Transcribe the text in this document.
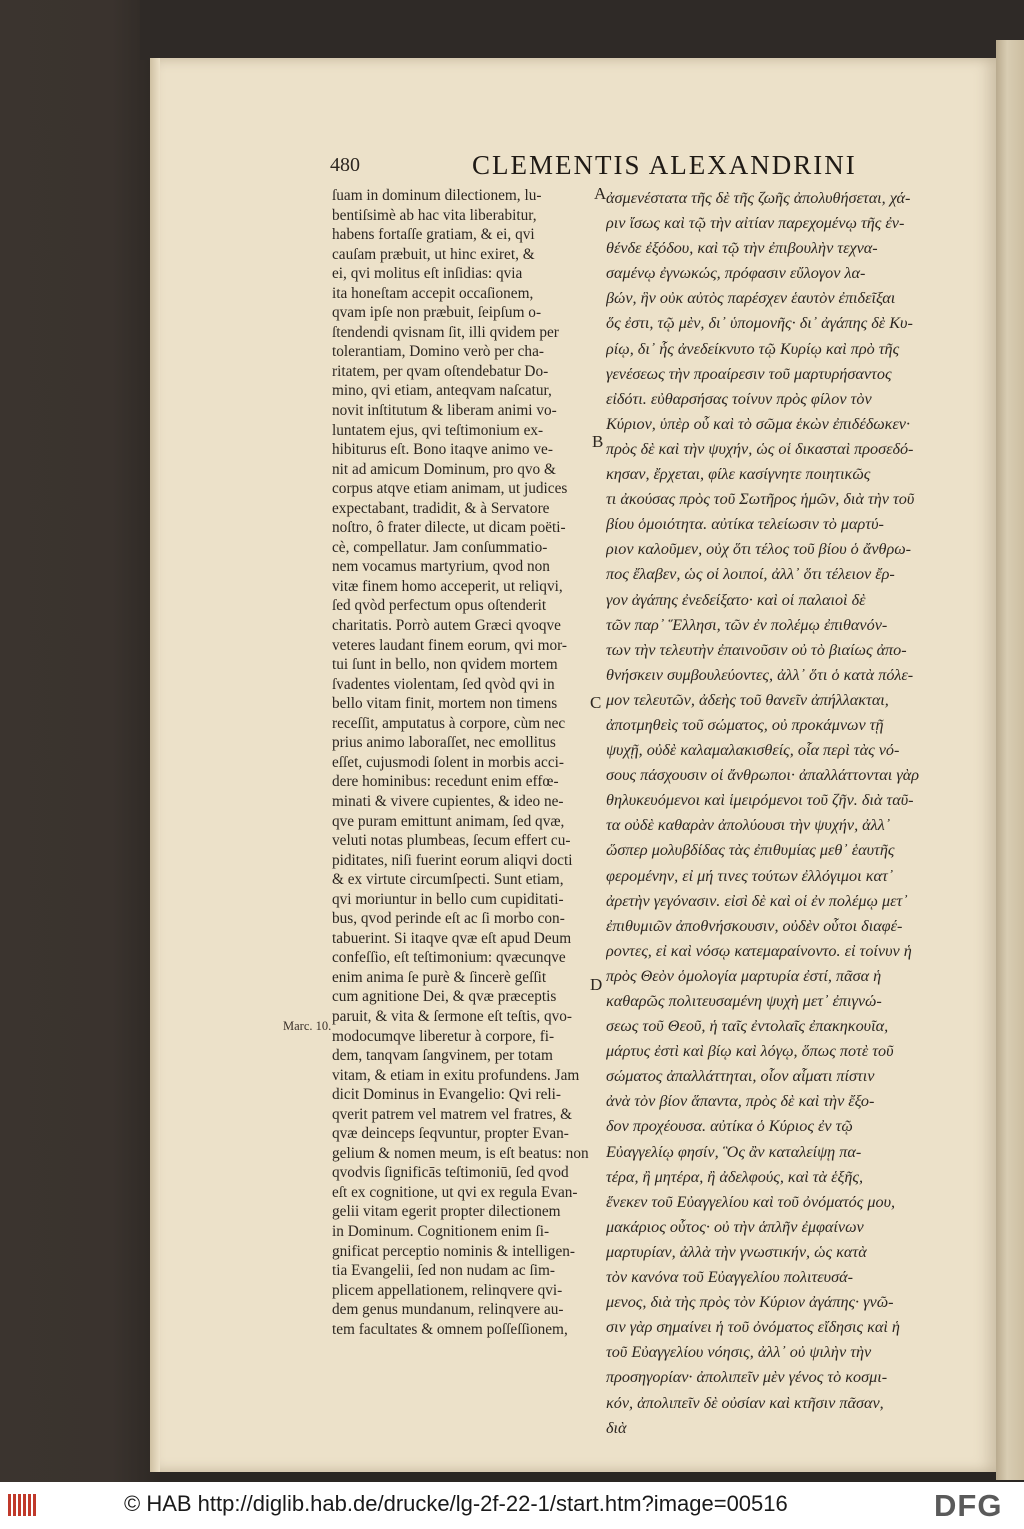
480	CLEMENTIS ALEXANDRINI
ſuam in dominum dilectionem, lu-
bentiſsimè ab hac vita liberabitur,
habens fortaſſe gratiam, & ei, qvi
cauſam præbuit, ut hinc exiret, &
ei, qvi molitus eſt inſidias: qvia
ita honeſtam accepit occaſionem,
qvam ipſe non præbuit, ſeipſum o-
ſtendendi qvisnam ſit, illi qvidem per
tolerantiam, Domino verò per cha-
ritatem, per qvam oſtendebatur Do-
mino, qvi etiam, anteqvam naſcatur,
novit inſtitutum & liberam animi vo-
luntatem ejus, qvi teſtimonium ex-
hibiturus eſt. Bono itaqve animo ve-
nit ad amicum Dominum, pro qvo &
corpus atqve etiam animam, ut judices
expectabant, tradidit, & à Servatore
noſtro, ô frater dilecte, ut dicam poëti-
cè, compellatur. Jam conſummatio-
nem vocamus martyrium, qvod non
vitæ finem homo acceperit, ut reliqvi,
ſed qvòd perfectum opus oſtenderit
charitatis. Porrò autem Græci qvoqve
veteres laudant finem eorum, qvi mor-
tui ſunt in bello, non qvidem mortem
ſvadentes violentam, ſed qvòd qvi in
bello vitam finit, mortem non timens
receſſit, amputatus à corpore, cùm nec
prius animo laboraſſet, nec emollitus
eſſet, cujusmodi ſolent in morbis acci-
dere hominibus: recedunt enim effœ-
minati & vivere cupientes, & ideo ne-
qve puram emittunt animam, ſed qvæ,
veluti notas plumbeas, ſecum effert cu-
piditates, niſi fuerint eorum aliqvi docti
& ex virtute circumſpecti. Sunt etiam,
qvi moriuntur in bello cum cupiditati-
bus, qvod perinde eſt ac ſi morbo con-
tabuerint. Si itaqve qvæ eſt apud Deum
confeſſio, eſt teſtimonium: qvæcunqve
enim anima ſe purè & ſincerè geſſit
cum agnitione Dei, & qvæ præceptis
paruit, & vita & ſermone eſt teſtis, qvo-
modocumqve liberetur à corpore, fi-
dem, tanqvam ſangvinem, per totam
vitam, & etiam in exitu profundens. Jam
dicit Dominus in Evangelio: Qvi reli-
qverit patrem vel matrem vel fratres, &
qvæ deinceps ſeqvuntur, propter Evan-
gelium & nomen meum, is eſt beatus: non
qvodvis ſignificās teſtimoniū, ſed qvod
eſt ex cognitione, ut qvi ex regula Evan-
gelii vitam egerit propter dilectionem
in Dominum. Cognitionem enim ſi-
gnificat perceptio nominis & intelligen-
tia Evangelii, ſed non nudam ac ſim-
plicem appellationem, relinqvere qvi-
dem genus mundanum, relinqvere au-
tem facultates & omnem poſſeſſionem,
ἀσμενέστατα τῆς δὲ τῆς ζωῆς ἀπολυθήσεται, χά-
ριν ἴσως καὶ τῷ τὴν αἰτίαν παρεχομένῳ τῆς ἐν-
θένδε ἐξόδου, καὶ τῷ τὴν ἐπιβουλὴν τεχνα-
σαμένῳ ἐγνωκώς, πρόφασιν εὔλογον λα-
βών, ἣν οὐκ αὐτὸς παρέσχεν ἑαυτὸν ἐπιδεῖξαι
ὅς ἐστι, τῷ μὲν, δι᾽ ὑπομονῆς· δι᾽ ἀγάπης δὲ Κυ-
ρίῳ, δι᾽ ἧς ἀνεδείκνυτο τῷ Κυρίῳ καὶ πρὸ τῆς
γενέσεως τὴν προαίρεσιν τοῦ μαρτυρήσαντος
εἰδότι. εὐθαρσήσας τοίνυν πρὸς φίλον τὸν
Κύριον, ὑπὲρ οὗ καὶ τὸ σῶμα ἑκὼν ἐπιδέδωκεν·
πρὸς δὲ καὶ τὴν ψυχήν, ὡς οἱ δικασταὶ προσεδό-
κησαν, ἔρχεται, φίλε κασίγνητε ποιητικῶς
τι ἀκούσας πρὸς τοῦ Σωτῆρος ἡμῶν, διὰ τὴν τοῦ
βίου ὁμοιότητα. αὐτίκα τελείωσιν τὸ μαρτύ-
ριον καλοῦμεν, οὐχ ὅτι τέλος τοῦ βίου ὁ ἄνθρω-
πος ἔλαβεν, ὡς οἱ λοιποί, ἀλλ᾽ ὅτι τέλειον ἔρ-
γον ἀγάπης ἐνεδείξατο· καὶ οἱ παλαιοὶ δὲ
τῶν παρ᾽ Ἕλλησι, τῶν ἐν πολέμῳ ἐπιθανόν-
των τὴν τελευτὴν ἐπαινοῦσιν οὐ τὸ βιαίως ἀπο-
θνήσκειν συμβουλεύοντες, ἀλλ᾽ ὅτι ὁ κατὰ πόλε-
μον τελευτῶν, ἀδεὴς τοῦ θανεῖν ἀπήλλακται,
ἀποτμηθεὶς τοῦ σώματος, οὐ προκάμνων τῇ
ψυχῇ, οὐδὲ καλαμαλακισθείς, οἷα περὶ τὰς νό-
σους πάσχουσιν οἱ ἄνθρωποι· ἀπαλλάττονται γὰρ
θηλυκευόμενοι καὶ ἱμειρόμενοι τοῦ ζῆν. διὰ ταῦ-
τα οὐδὲ καθαρὰν ἀπολύουσι τὴν ψυχήν, ἀλλ᾽
ὥσπερ μολυβδίδας τὰς ἐπιθυμίας μεθ᾽ ἑαυτῆς
φερομένην, εἰ μή τινες τούτων ἐλλόγιμοι κατ᾽
ἀρετὴν γεγόνασιν. εἰσὶ δὲ καὶ οἱ ἐν πολέμῳ μετ᾽
ἐπιθυμιῶν ἀποθνήσκουσιν, οὐδὲν οὗτοι διαφέ-
ροντες, εἰ καὶ νόσῳ κατεμαραίνοντο. εἰ τοίνυν ἡ
πρὸς Θεὸν ὁμολογία μαρτυρία ἐστί, πᾶσα ἡ
καθαρῶς πολιτευσαμένη ψυχὴ μετ᾽ ἐπιγνώ-
σεως τοῦ Θεοῦ, ἡ ταῖς ἐντολαῖς ἐπακηκουῖα,
μάρτυς ἐστὶ καὶ βίῳ καὶ λόγῳ, ὅπως ποτὲ τοῦ
σώματος ἀπαλλάττηται, οἷον αἷματι πίστιν
ἀνὰ τὸν βίον ἅπαντα, πρὸς δὲ καὶ τὴν ἔξο-
δον προχέουσα. αὐτίκα ὁ Κύριος ἐν τῷ
Εὐαγγελίῳ φησίν, Ὃς ἂν καταλείψῃ πα-
τέρα, ἢ μητέρα, ἢ ἀδελφούς, καὶ τὰ ἑξῆς,
ἕνεκεν τοῦ Εὐαγγελίου καὶ τοῦ ὀνόματός μου,
μακάριος οὗτος· οὐ τὴν ἁπλῆν ἐμφαίνων
μαρτυρίαν, ἀλλὰ τὴν γνωστικήν, ὡς κατὰ
τὸν κανόνα τοῦ Εὐαγγελίου πολιτευσά-
μενος, διὰ τὴς πρὸς τὸν Κύριον ἀγάπης· γνῶ-
σιν γὰρ σημαίνει ἡ τοῦ ὀνόματος εἴδησις καὶ ἡ
τοῦ Εὐαγγελίου νόησις, ἀλλ᾽ οὐ ψιλὴν τὴν
προσηγορίαν· ἀπολιπεῖν μὲν γένος τὸ κοσμι-
κόν, ἀπολιπεῖν δὲ οὐσίαν καὶ κτῆσιν πᾶσαν,
διὰ
A
B
C
D
Marc. 10.
© HAB http://diglib.hab.de/drucke/lg-2f-22-1/start.htm?image=00516	DFG
